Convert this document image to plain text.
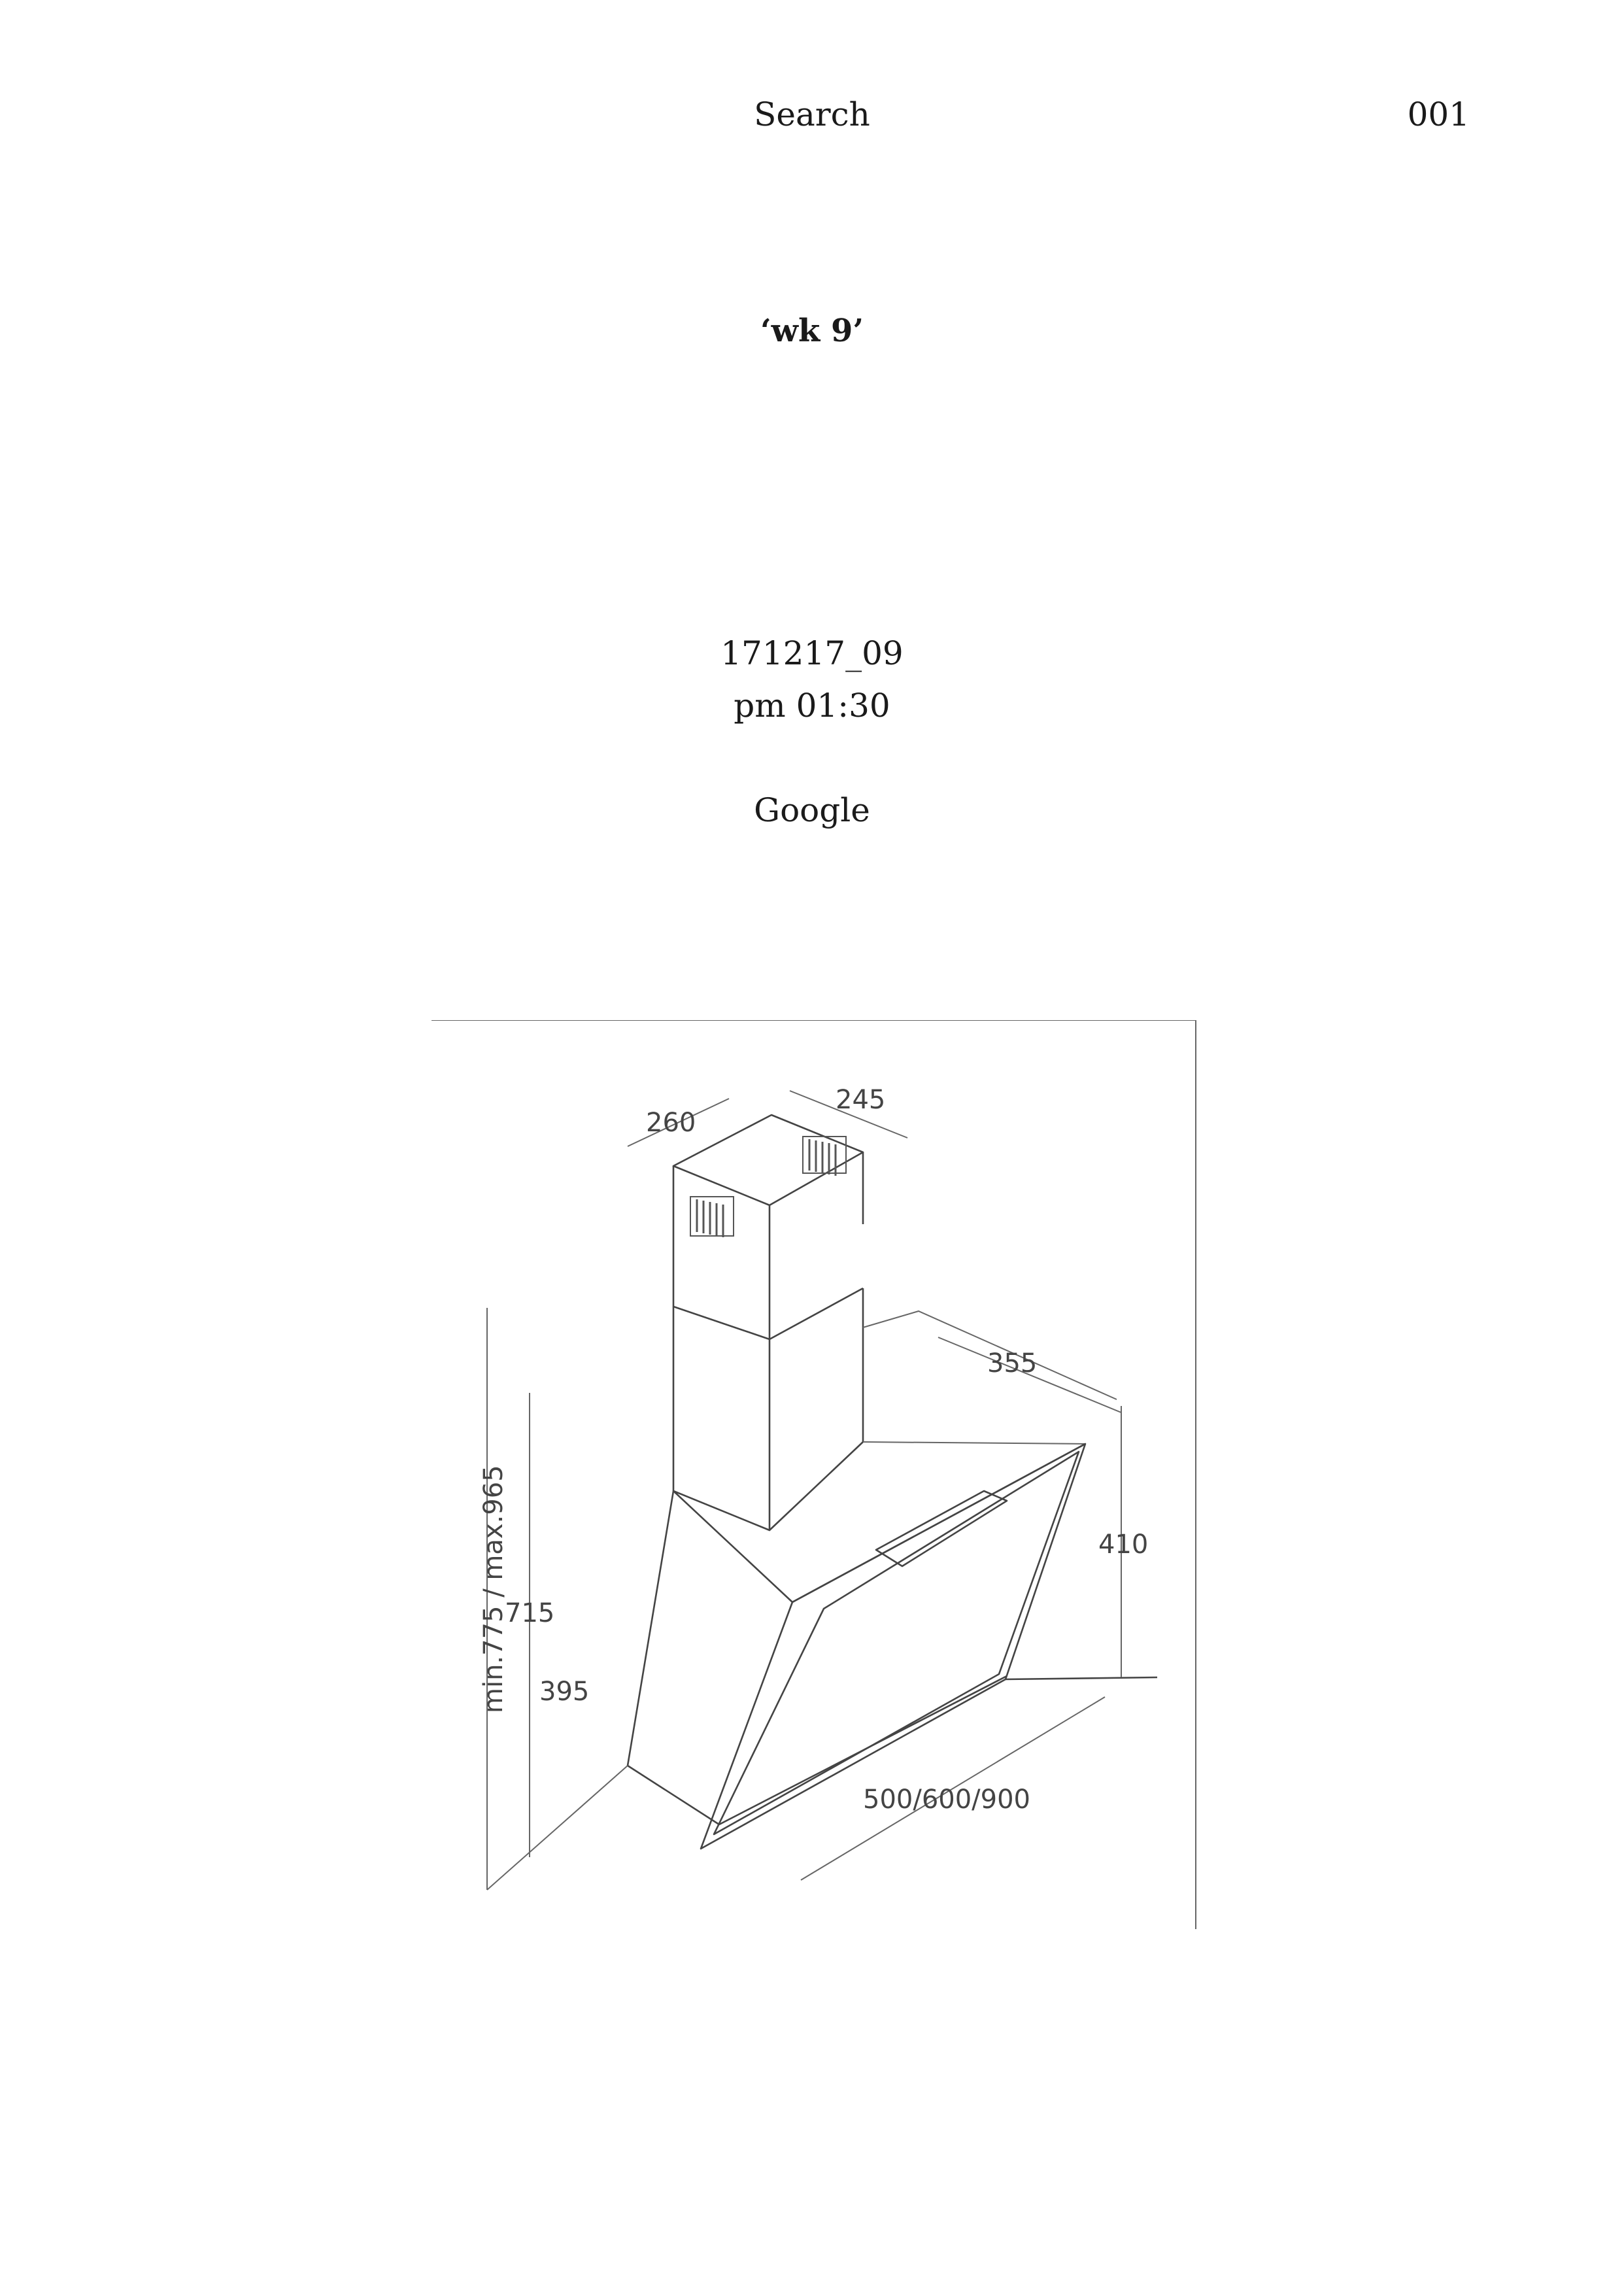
Search	001
‘wk 9’
171217_09
pm 01:30
Google
260
245
355
410
500/600/900
min.775 / max.965
715
395
